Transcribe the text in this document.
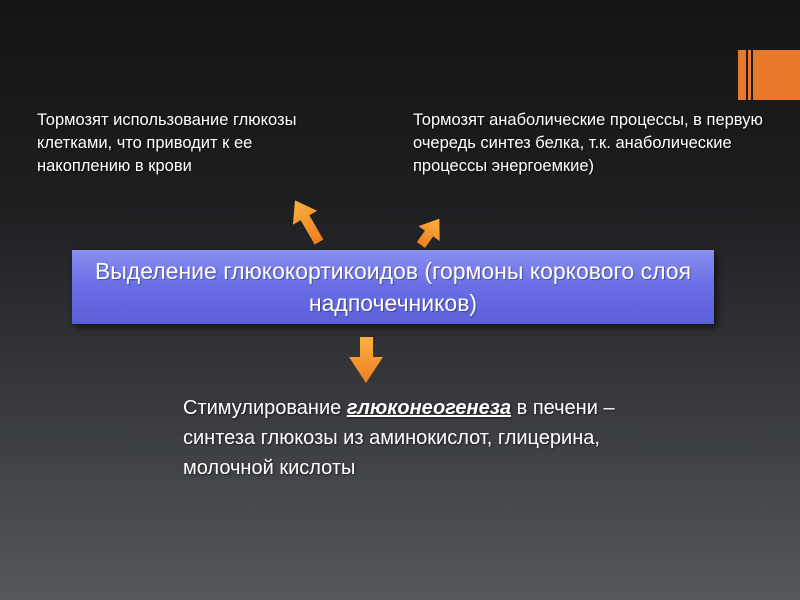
Тормозят использование глюкозы клетками, что приводит к ее накоплению в крови
Тормозят анаболические процессы, в первую очередь синтез белка, т.к. анаболические процессы энергоемкие)
Выделение глюкокортикоидов (гормоны коркового слоя надпочечников)
Стимулирование глюконеогенеза в печени – синтеза глюкозы из аминокислот, глицерина, молочной кислоты
